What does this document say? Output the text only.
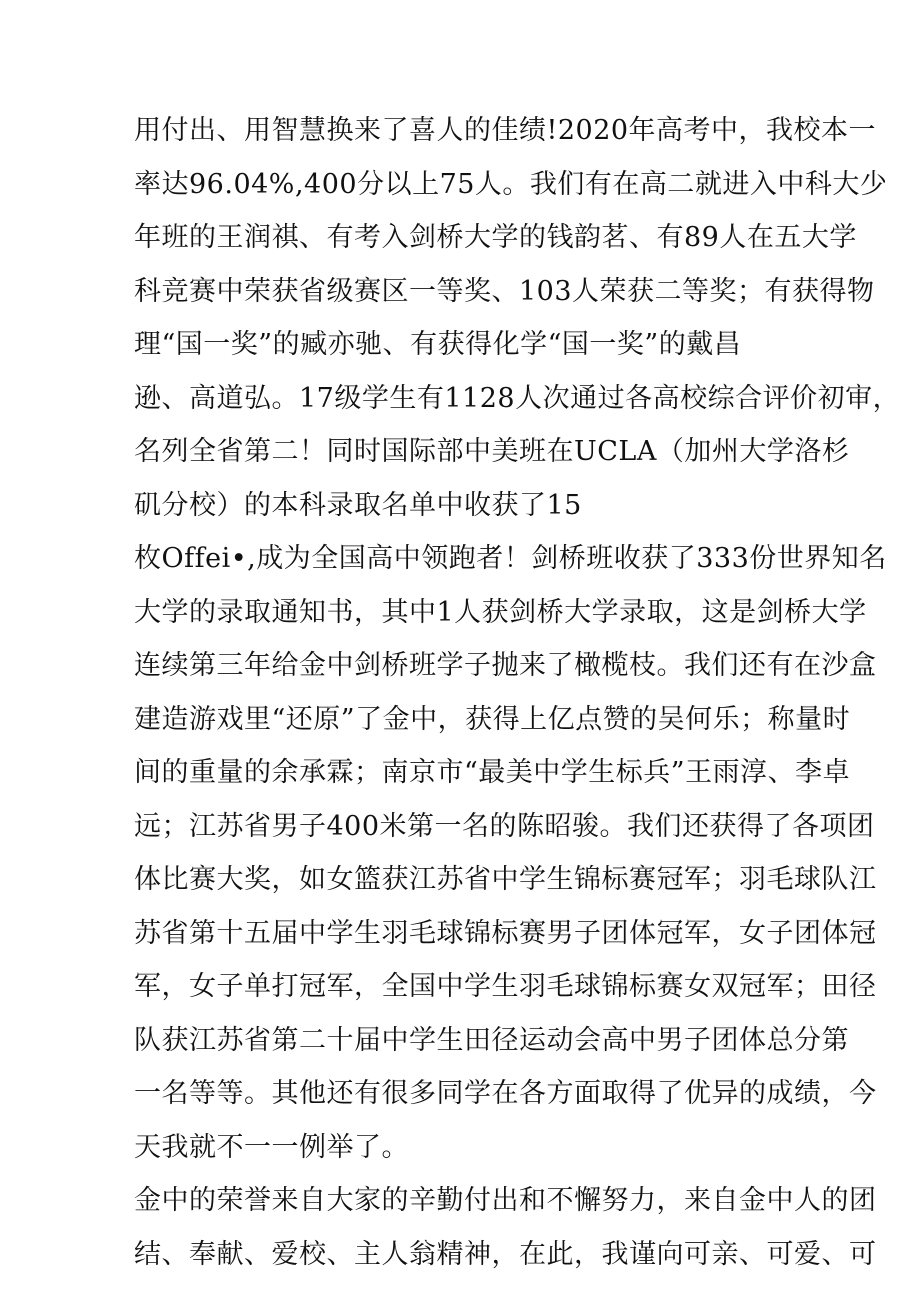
用付出、用智慧换来了喜人的佳绩!2020年高考中，我校本一
率达96.04%,400分以上75人。我们有在高二就进入中科大少
年班的王润祺、有考入剑桥大学的钱韵茗、有89人在五大学
科竞赛中荣获省级赛区一等奖、103人荣获二等奖；有获得物
理“国一奖”的臧亦驰、有获得化学“国一奖”的戴昌
逊、高道弘。17级学生有1128人次通过各高校综合评价初审，
名列全省第二！同时国际部中美班在UCLA（加州大学洛杉
矶分校）的本科录取名单中收获了15
枚Offei•,成为全国高中领跑者！剑桥班收获了333份世界知名
大学的录取通知书，其中1人获剑桥大学录取，这是剑桥大学
连续第三年给金中剑桥班学子抛来了橄榄枝。我们还有在沙盒
建造游戏里“还原”了金中，获得上亿点赞的吴何乐；称量时
间的重量的余承霖；南京市“最美中学生标兵”王雨淳、李卓
远；江苏省男子400米第一名的陈昭骏。我们还获得了各项团
体比赛大奖，如女篮获江苏省中学生锦标赛冠军；羽毛球队江
苏省第十五届中学生羽毛球锦标赛男子团体冠军，女子团体冠
军，女子单打冠军，全国中学生羽毛球锦标赛女双冠军；田径
队获江苏省第二十届中学生田径运动会高中男子团体总分第
一名等等。其他还有很多同学在各方面取得了优异的成绩，今
天我就不一一例举了。
金中的荣誉来自大家的辛勤付出和不懈努力，来自金中人的团
结、奉献、爱校、主人翁精神，在此，我谨向可亲、可爱、可
